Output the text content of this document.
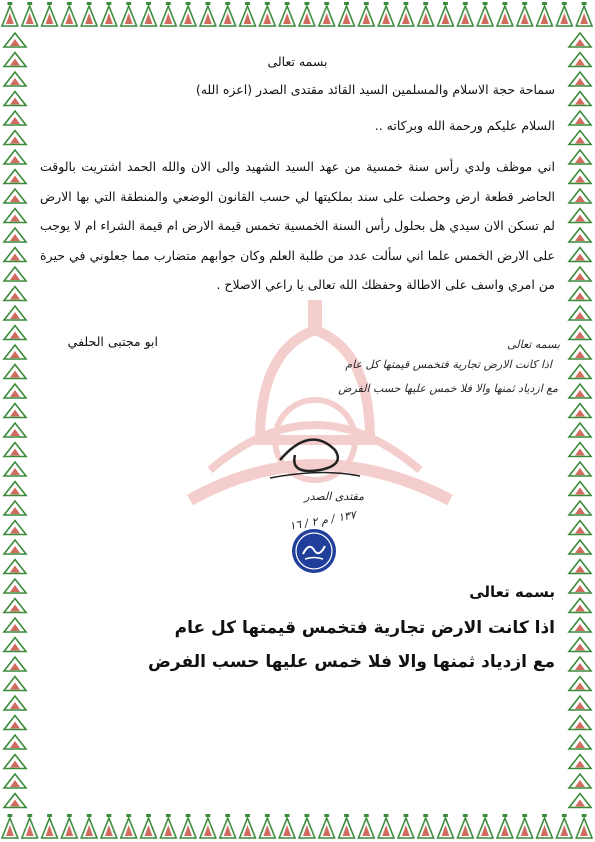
بسمه تعالى
سماحة حجة الاسلام والمسلمين السيد القائد مقتدى الصدر (اعزه الله)
السلام عليكم ورحمة الله وبركاته ..
اني موظف ولدي رأس سنة خمسية من عهد السيد الشهيد والى الان والله الحمد اشتريت بالوقت الحاضر قطعة ارض وحصلت على سند بملكيتها لي حسب القانون الوضعي والمنطقة التي بها الارض لم تسكن الان سيدي هل بحلول رأس السنة الخمسية تخمس قيمة الارض ام قيمة الشراء ام لا يوجب على الارض الخمس علما اني سألت عدد من طلبة العلم وكان جوابهم متضارب مما جعلوني في حيرة من امري واسف على الاطالة وحفظك الله تعالى يا راعي الاصلاح .
ابو مجتبى الحلفي	بسمه تعالى
اذا كانت الارض تجارية فتخمس قيمتها كل عام
مع ازدياد ثمنها والا فلا خمس عليها حسب الفرض
مقتدى الصدر
١٣٧ / م ٢ / ١٦
بسمه تعالى
اذا كانت الارض تجارية فتخمس قيمتها كل عام
مع ازدياد ثمنها والا فلا خمس عليها حسب الفرض
